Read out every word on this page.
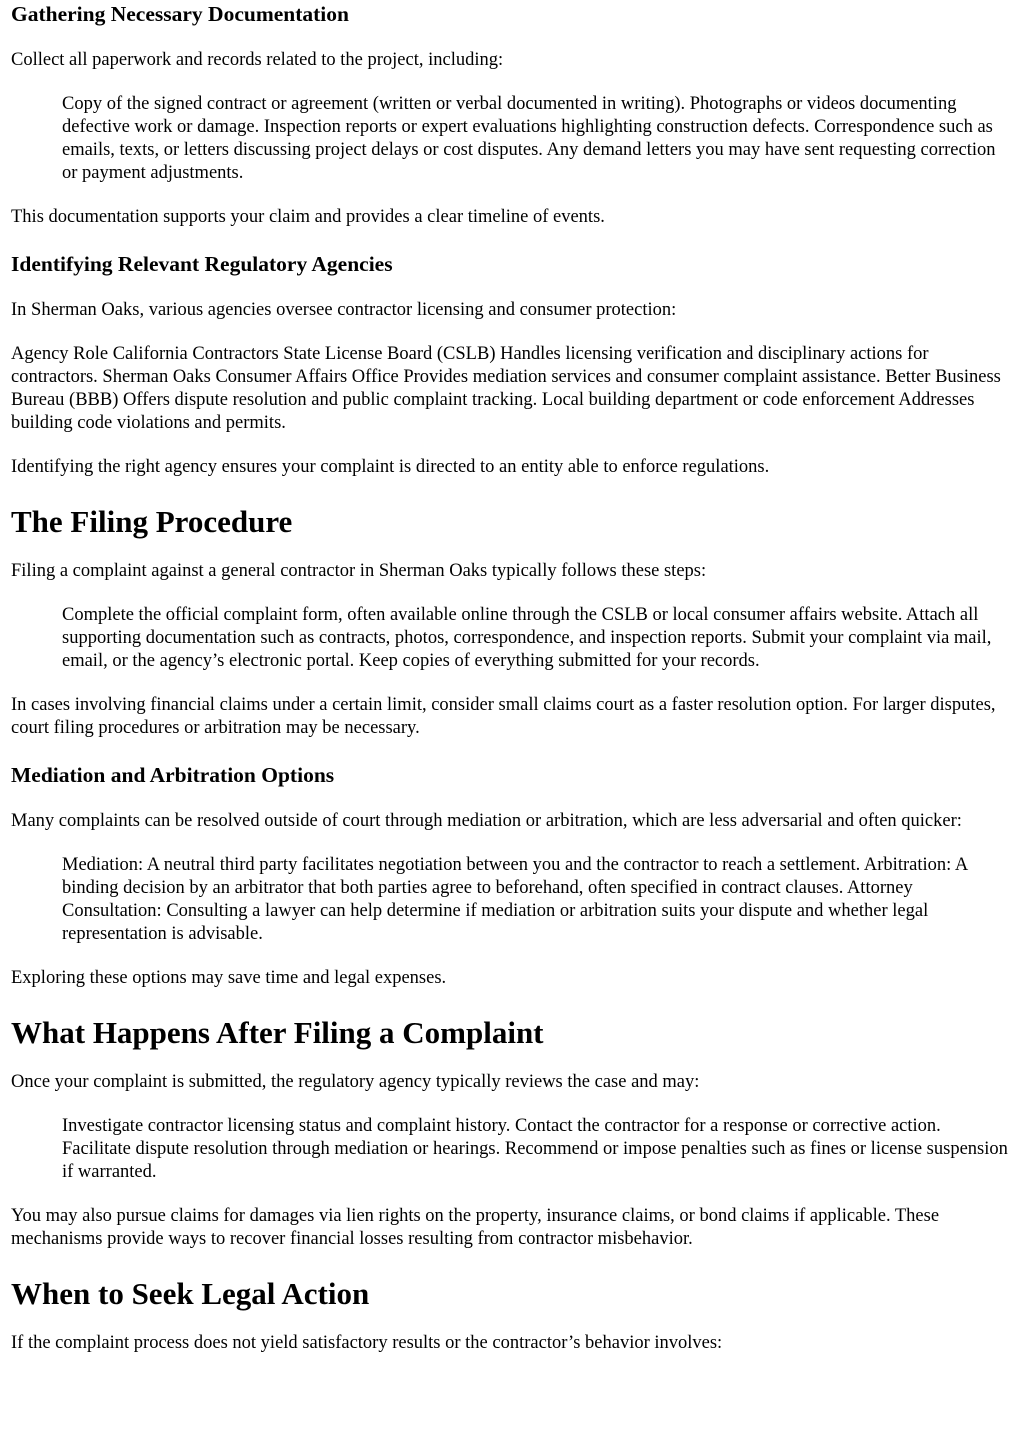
Gathering Necessary Documentation

Collect all paperwork and records related to the project, including:

Copy of the signed contract or agreement (written or verbal documented in writing). Photographs or videos documenting defective work or damage. Inspection reports or expert evaluations highlighting construction defects. Correspondence such as emails, texts, or letters discussing project delays or cost disputes. Any demand letters you may have sent requesting correction or payment adjustments.

This documentation supports your claim and provides a clear timeline of events.

Identifying Relevant Regulatory Agencies

In Sherman Oaks, various agencies oversee contractor licensing and consumer protection:

Agency Role California Contractors State License Board (CSLB) Handles licensing verification and disciplinary actions for contractors. Sherman Oaks Consumer Affairs Office Provides mediation services and consumer complaint assistance. Better Business Bureau (BBB) Offers dispute resolution and public complaint tracking. Local building department or code enforcement Addresses building code violations and permits.

Identifying the right agency ensures your complaint is directed to an entity able to enforce regulations.

The Filing Procedure

Filing a complaint against a general contractor in Sherman Oaks typically follows these steps:

Complete the official complaint form, often available online through the CSLB or local consumer affairs website. Attach all supporting documentation such as contracts, photos, correspondence, and inspection reports. Submit your complaint via mail, email, or the agency’s electronic portal. Keep copies of everything submitted for your records.

In cases involving financial claims under a certain limit, consider small claims court as a faster resolution option. For larger disputes, court filing procedures or arbitration may be necessary.

Mediation and Arbitration Options

Many complaints can be resolved outside of court through mediation or arbitration, which are less adversarial and often quicker:

Mediation: A neutral third party facilitates negotiation between you and the contractor to reach a settlement. Arbitration: A binding decision by an arbitrator that both parties agree to beforehand, often specified in contract clauses. Attorney Consultation: Consulting a lawyer can help determine if mediation or arbitration suits your dispute and whether legal representation is advisable.

Exploring these options may save time and legal expenses.

What Happens After Filing a Complaint

Once your complaint is submitted, the regulatory agency typically reviews the case and may:

Investigate contractor licensing status and complaint history. Contact the contractor for a response or corrective action. Facilitate dispute resolution through mediation or hearings. Recommend or impose penalties such as fines or license suspension if warranted.

You may also pursue claims for damages via lien rights on the property, insurance claims, or bond claims if applicable. These mechanisms provide ways to recover financial losses resulting from contractor misbehavior.

When to Seek Legal Action

If the complaint process does not yield satisfactory results or the contractor’s behavior involves:
